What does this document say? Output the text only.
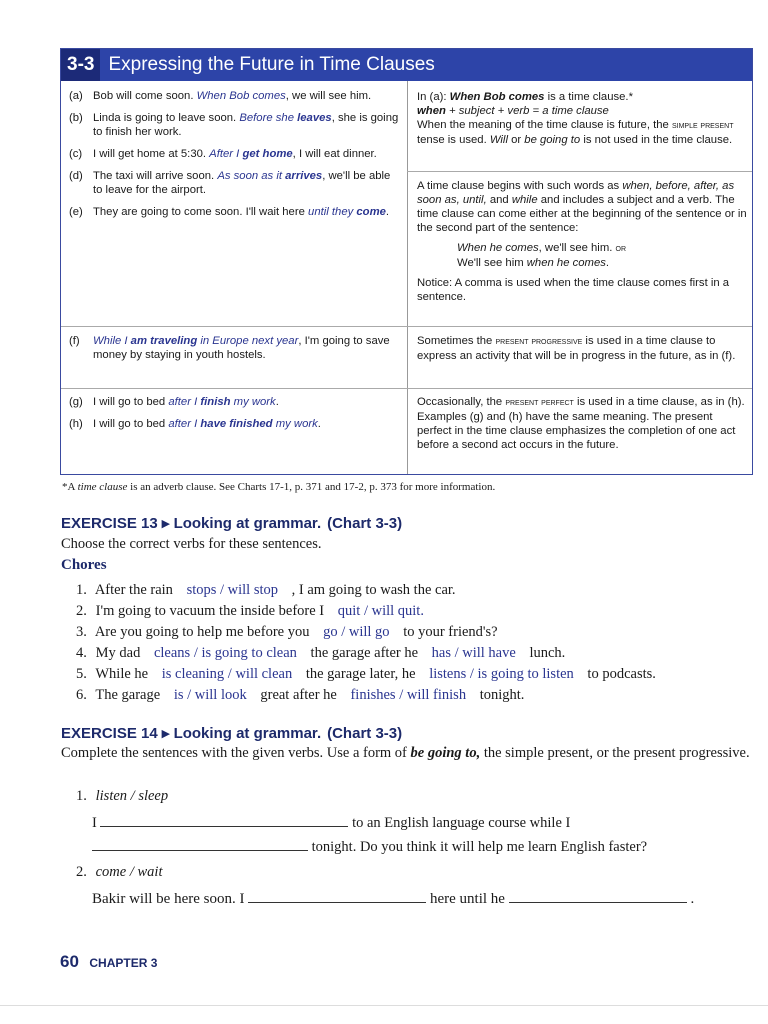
3-3 Expressing the Future in Time Clauses
(a) Bob will come soon. When Bob comes, we will see him.
(b) Linda is going to leave soon. Before she leaves, she is going to finish her work.
(c) I will get home at 5:30. After I get home, I will eat dinner.
(d) The taxi will arrive soon. As soon as it arrives, we'll be able to leave for the airport.
(e) They are going to come soon. I'll wait here until they come.
In (a): When Bob comes is a time clause.*
when + subject + verb = a time clause
When the meaning of the time clause is future, the simple present tense is used. Will or be going to is not used in the time clause.

A time clause begins with such words as when, before, after, as soon as, until, and while and includes a subject and a verb. The time clause can come either at the beginning of the sentence or in the second part of the sentence:

When he comes, we'll see him. or
We'll see him when he comes.

Notice: A comma is used when the time clause comes first in a sentence.

(f)	While I am traveling in Europe next year, I'm going to save money by staying in youth hostels.
Sometimes the present progressive is used in a time clause to express an activity that will be in progress in the future, as in (f).
(g) I will go to bed after I finish my work.
(h) I will go to bed after I have finished my work.
Occasionally, the present perfect is used in a time clause, as in (h). Examples (g) and (h) have the same meaning. The present perfect in the time clause emphasizes the completion of one act before a second act occurs in the future.
*A time clause is an adverb clause. See Charts 17-1, p. 371 and 17-2, p. 373 for more information.
EXERCISE 13 ▸ Looking at grammar. (Chart 3-3)
Choose the correct verbs for these sentences.
Chores
1. After the rain stops / will stop , I am going to wash the car.
2. I'm going to vacuum the inside before I quit / will quit.
3. Are you going to help me before you go / will go to your friend's?
4. My dad cleans / is going to clean the garage after he has / will have lunch.
5. While he is cleaning / will clean the garage later, he listens / is going to listen to podcasts.
6. The garage is / will look great after he finishes / will finish tonight.
EXERCISE 14 ▸ Looking at grammar. (Chart 3-3)
Complete the sentences with the given verbs. Use a form of be going to, the simple present, or the present progressive.
1. listen / sleep
I	to an English language course while I
tonight. Do you think it will help me learn English faster?
2. come / wait
Bakir will be here soon. I	here until he	.
60 CHAPTER 3
